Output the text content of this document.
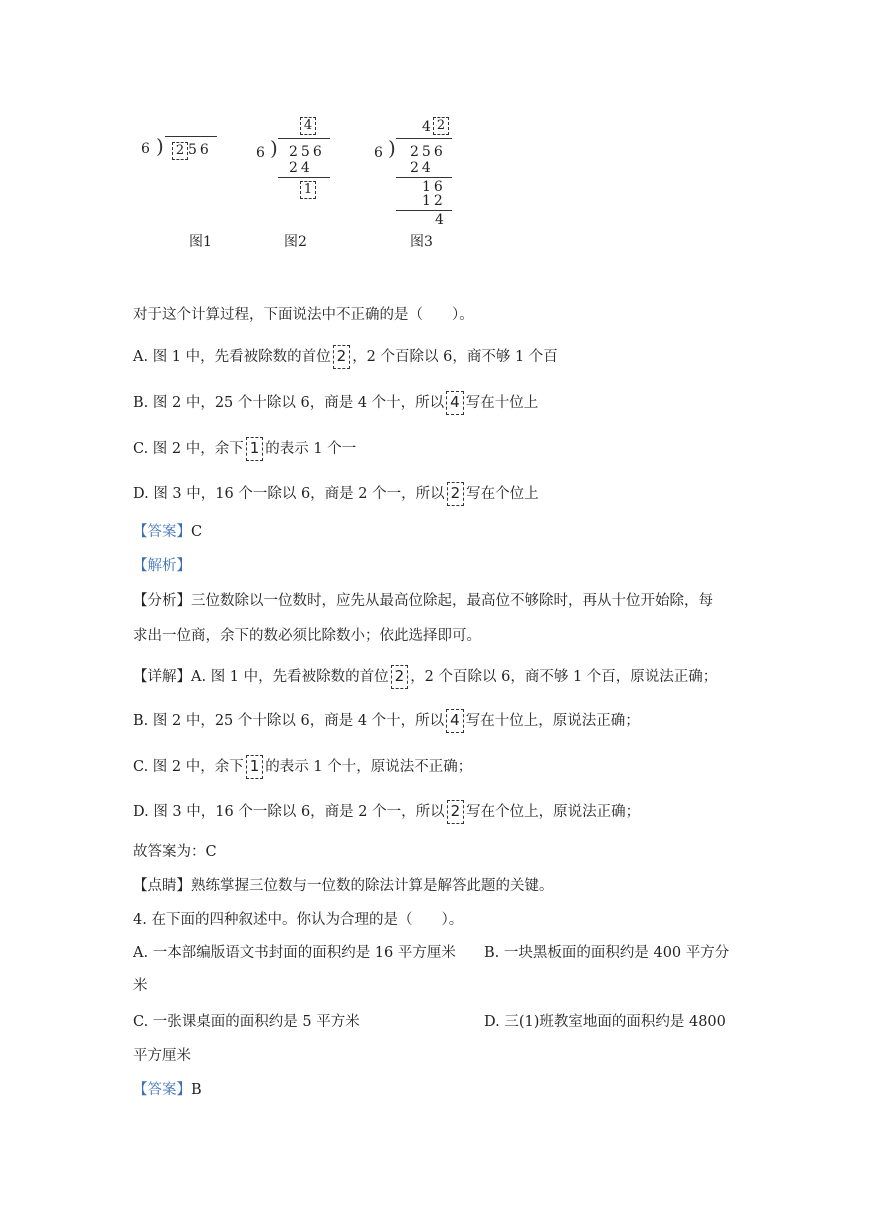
6 ) 2 56
图1
4
6 ) 256
24
1
图2
4 2
6 ) 256
24
16
12
4
图3
对于这个计算过程，下面说法中不正确的是（　　）。
A. 图 1 中，先看被除数的首位 2 ，2 个百除以 6，商不够 1 个百
B. 图 2 中，25 个十除以 6，商是 4 个十，所以 4 写在十位上
C. 图 2 中，余下 1 的表示 1 个一
D. 图 3 中，16 个一除以 6，商是 2 个一，所以 2 写在个位上
【答案】C
【解析】
【分析】三位数除以一位数时，应先从最高位除起，最高位不够除时，再从十位开始除，每
求出一位商，余下的数必须比除数小；依此选择即可。
【详解】A. 图 1 中，先看被除数的首位 2 ，2 个百除以 6，商不够 1 个百，原说法正确；
B. 图 2 中，25 个十除以 6，商是 4 个十，所以 4 写在十位上，原说法正确；
C. 图 2 中，余下 1 的表示 1 个十，原说法不正确；
D. 图 3 中，16 个一除以 6，商是 2 个一，所以 2 写在个位上，原说法正确；
故答案为：C
【点睛】熟练掌握三位数与一位数的除法计算是解答此题的关键。
4. 在下面的四种叙述中。你认为合理的是（　　）。
A. 一本部编版语文书封面的面积约是 16 平方厘米 B. 一块黑板面的面积约是 400 平方分
米
C. 一张课桌面的面积约是 5 平方米	D. 三(1)班教室地面的面积约是 4800
平方厘米
【答案】B
